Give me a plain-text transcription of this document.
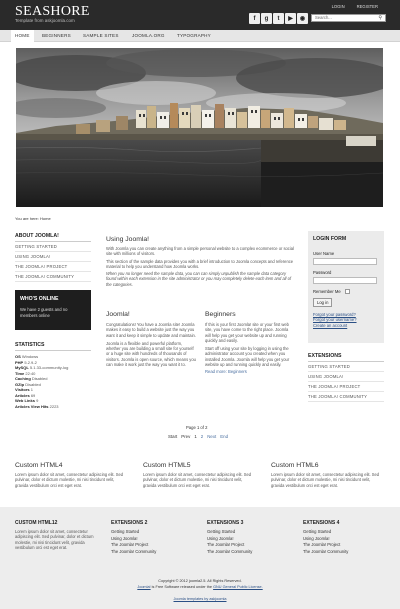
SEASHORE
Template from askjoomla.com
LOGIN	REGISTER
f	g	t	▶	◉	Search...	⚲
HOME	BEGINNERS	SAMPLE SITES	JOOMLA.ORG	TYPOGRAPHY
You are here: Home
ABOUT JOOMLA!
GETTING STARTED
USING JOOMLA!
THE JOOMLA! PROJECT
THE JOOMLA! COMMUNITY
WHO'S ONLINE
We have 2 guests and no members online
STATISTICS
OS Windows
PHP 5.2.9-2
MySQL 5.1.33-community-log
Time 22:40
Caching Disabled
GZip Disabled
Visitors 1
Articles 69
Web Links 9
Articles View Hits 2223
Using Joomla!
With Joomla you can create anything from a simple personal website to a complex ecommerce or social site with millions of visitors.
This section of the sample data provides you with a brief introduction to Joomla concepts and reference material to help you understand how Joomla works.
When you no longer need the sample data, you can can simply unpublish the sample data category found within each extension in the site administrator or you may completely delete each item and all of the categories.
Joomla!
Congratulations! You have a Joomla site! Joomla makes it easy to build a website just the way you want it and keep it simple to update and maintain.
Joomla is a flexible and powerful platform, whether you are building a small site for yourself or a huge site with hundreds of thousands of visitors. Joomla is open source, which means you can make it work just the way you want it to.
Beginners
If this is your first Joomla! site or your first web site, you have come to the right place. Joomla will help you get your website up and running quickly and easily.
Start off using your site by logging in using the administrator account you created when you installed Joomla. Joomla will help you get your website up and running quickly and easily.
Read more: Beginners
Page 1 of 2
Start Prev 1 2 Next End
LOGIN FORM
User Name
Password
Remember Me
Log in
Forgot your password?
Forgot your username?
Create an account
EXTENSIONS
GETTING STARTED
USING JOOMLA!
THE JOOMLA! PROJECT
THE JOOMLA! COMMUNITY
Custom HTML4
Lorem ipsum dolor sit amet, consectetur adipiscing elit. Sed pulvinar, dolor et dictum molestie, mi nisi tincidunt velit, gravida vestibulum orci est eget erat.
Custom HTML5
Lorem ipsum dolor sit amet, consectetur adipiscing elit. Sed pulvinar, dolor et dictum molestie, mi nisi tincidunt velit, gravida vestibulum orci est eget erat.
Custom HTML6
Lorem ipsum dolor sit amet, consectetur adipiscing elit. Sed pulvinar, dolor et dictum molestie, mi nisi tincidunt velit, gravida vestibulum orci est eget erat.
CUSTOM HTML12
Lorem ipsum dolor sit amet, consectetur adipiscing elit. Sed pulvinar, dolor et dictum molestie, mi nisi tincidunt velit, gravida vestibulum orci est eget erat.
EXTENSIONS 2
Getting Started
Using Joomla!
The Joomla! Project
The Joomla! Community
EXTENSIONS 3
Getting Started
Using Joomla!
The Joomla! Project
The Joomla! Community
EXTENSIONS 4
Getting Started
Using Joomla!
The Joomla! Project
The Joomla! Community
Copyright © 2012 joomla2.5. All Rights Reserved.
Joomla! is Free Software released under the GNU General Public License.
Joomla templates by askjoomla
